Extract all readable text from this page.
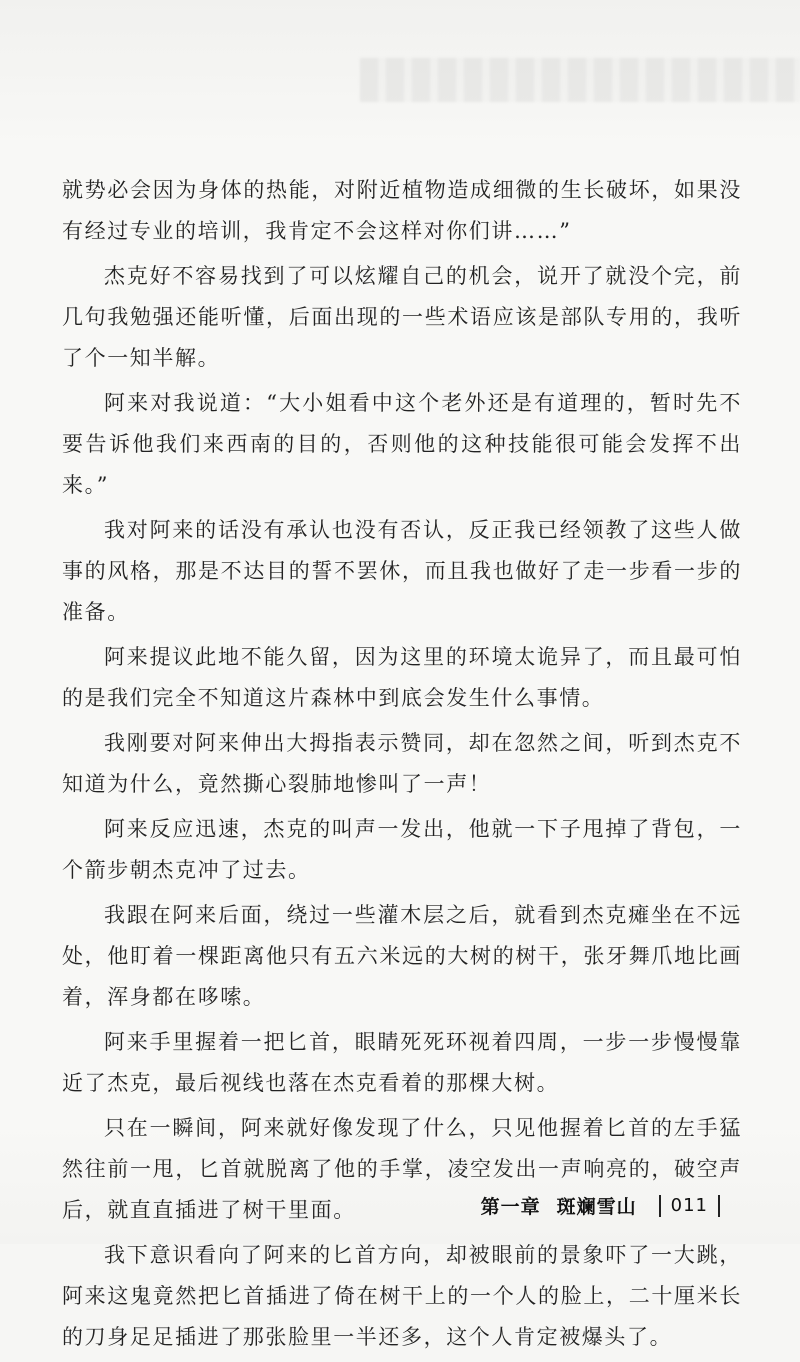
就势必会因为身体的热能，对附近植物造成细微的生长破坏，如果没有经过专业的培训，我肯定不会这样对你们讲……”

杰克好不容易找到了可以炫耀自己的机会，说开了就没个完，前几句我勉强还能听懂，后面出现的一些术语应该是部队专用的，我听了个一知半解。

阿来对我说道：“大小姐看中这个老外还是有道理的，暂时先不要告诉他我们来西南的目的，否则他的这种技能很可能会发挥不出来。”

我对阿来的话没有承认也没有否认，反正我已经领教了这些人做事的风格，那是不达目的誓不罢休，而且我也做好了走一步看一步的准备。

阿来提议此地不能久留，因为这里的环境太诡异了，而且最可怕的是我们完全不知道这片森林中到底会发生什么事情。

我刚要对阿来伸出大拇指表示赞同，却在忽然之间，听到杰克不知道为什么，竟然撕心裂肺地惨叫了一声！

阿来反应迅速，杰克的叫声一发出，他就一下子甩掉了背包，一个箭步朝杰克冲了过去。

我跟在阿来后面，绕过一些灌木层之后，就看到杰克瘫坐在不远处，他盯着一棵距离他只有五六米远的大树的树干，张牙舞爪地比画着，浑身都在哆嗦。

阿来手里握着一把匕首，眼睛死死环视着四周，一步一步慢慢靠近了杰克，最后视线也落在杰克看着的那棵大树。

只在一瞬间，阿来就好像发现了什么，只见他握着匕首的左手猛然往前一甩，匕首就脱离了他的手掌，凌空发出一声响亮的，破空声后，就直直插进了树干里面。

我下意识看向了阿来的匕首方向，却被眼前的景象吓了一大跳，阿来这鬼竟然把匕首插进了倚在树干上的一个人的脸上，二十厘米长的刀身足足插进了那张脸里一半还多，这个人肯定被爆头了。

第一章 斑斓雪山 011
